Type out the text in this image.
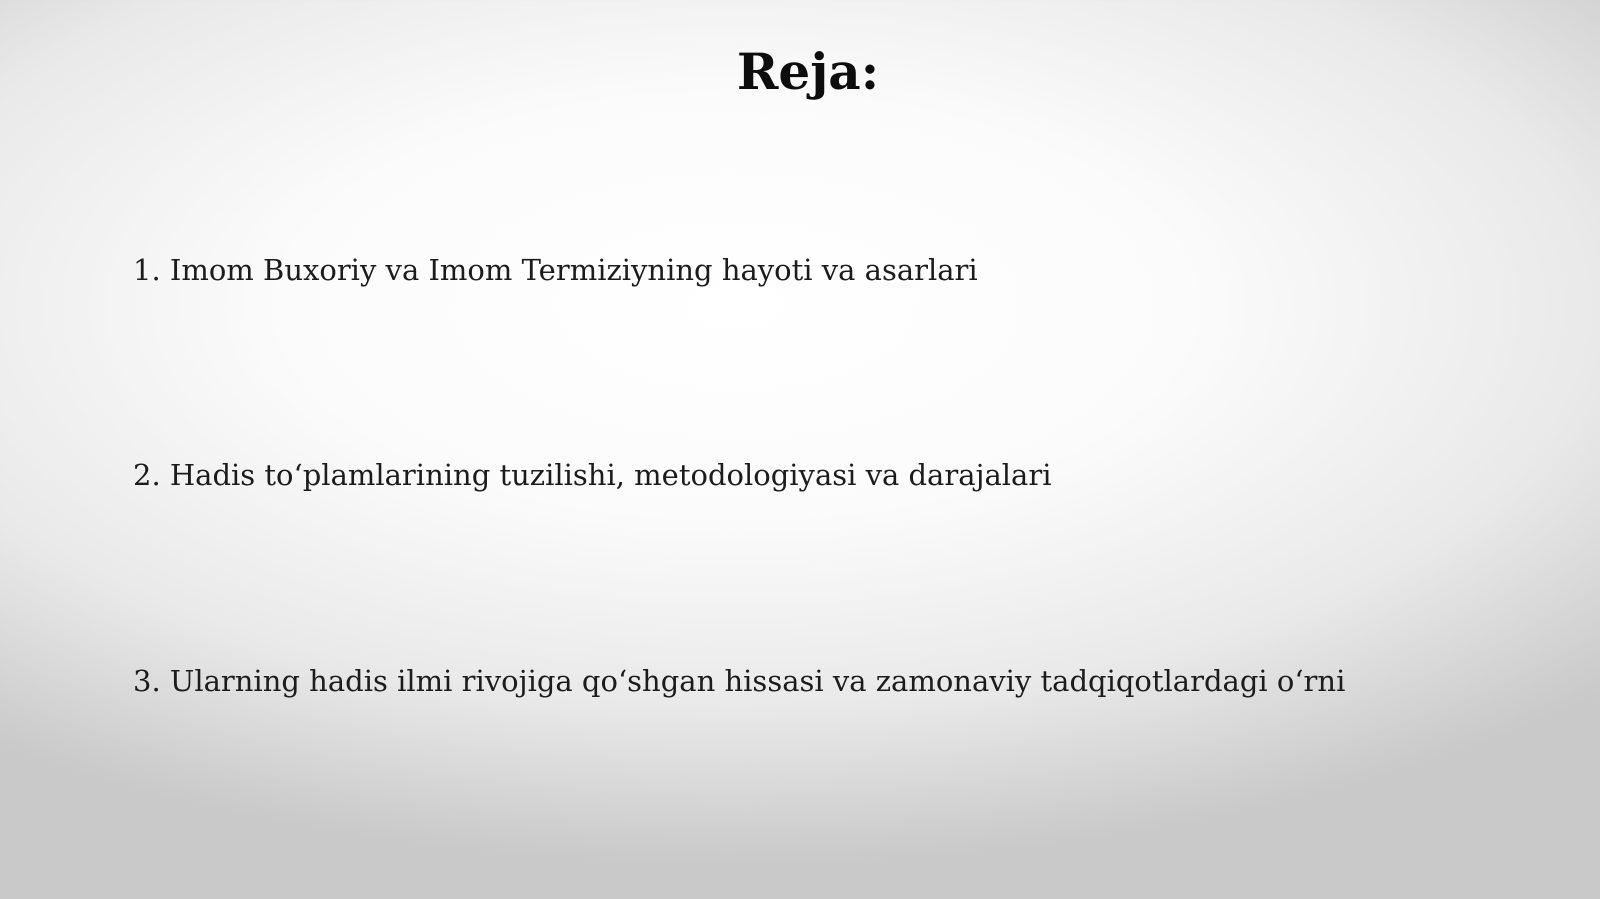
Reja:
1. Imom Buxoriy va Imom Termiziyning hayoti va asarlari
2. Hadis to‘plamlarining tuzilishi, metodologiyasi va darajalari
3. Ularning hadis ilmi rivojiga qo‘shgan hissasi va zamonaviy tadqiqotlardagi o‘rni
